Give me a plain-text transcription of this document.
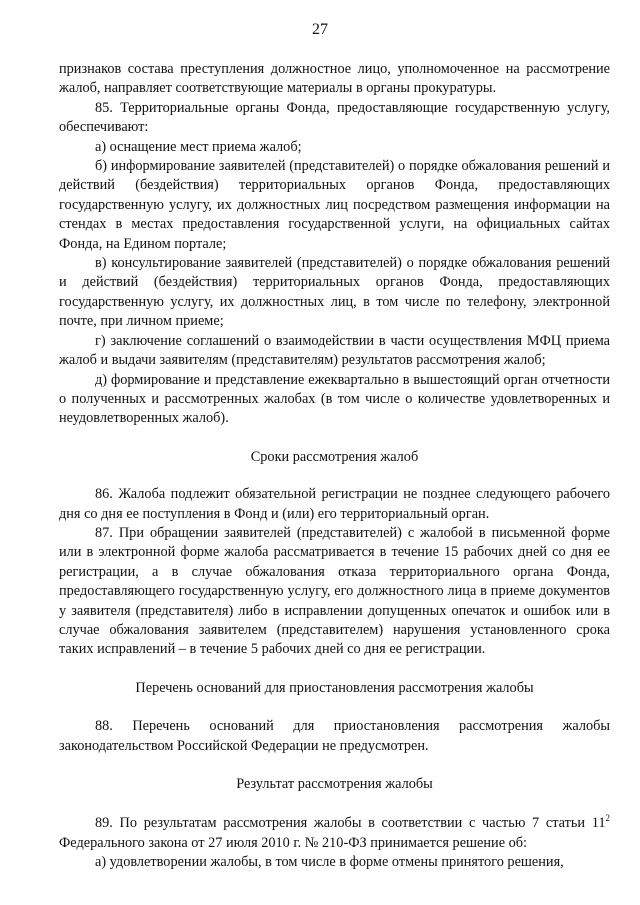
27

признаков состава преступления должностное лицо, уполномоченное на рассмотрение жалоб, направляет соответствующие материалы в органы прокуратуры.

85. Территориальные органы Фонда, предоставляющие государственную услугу, обеспечивают:

а) оснащение мест приема жалоб;

б) информирование заявителей (представителей) о порядке обжалования решений и действий (бездействия) территориальных органов Фонда, предоставляющих государственную услугу, их должностных лиц посредством размещения информации на стендах в местах предоставления государственной услуги, на официальных сайтах Фонда, на Едином портале;

в) консультирование заявителей (представителей) о порядке обжалования решений и действий (бездействия) территориальных органов Фонда, предоставляющих государственную услугу, их должностных лиц, в том числе по телефону, электронной почте, при личном приеме;

г) заключение соглашений о взаимодействии в части осуществления МФЦ приема жалоб и выдачи заявителям (представителям) результатов рассмотрения жалоб;

д) формирование и представление ежеквартально в вышестоящий орган отчетности о полученных и рассмотренных жалобах (в том числе о количестве удовлетворенных и неудовлетворенных жалоб).

Сроки рассмотрения жалоб

86. Жалоба подлежит обязательной регистрации не позднее следующего рабочего дня со дня ее поступления в Фонд и (или) его территориальный орган.

87. При обращении заявителей (представителей) с жалобой в письменной форме или в электронной форме жалоба рассматривается в течение 15 рабочих дней со дня ее регистрации, а в случае обжалования отказа территориального органа Фонда, предоставляющего государственную услугу, его должностного лица в приеме документов у заявителя (представителя) либо в исправлении допущенных опечаток и ошибок или в случае обжалования заявителем (представителем) нарушения установленного срока таких исправлений – в течение 5 рабочих дней со дня ее регистрации.

Перечень оснований для приостановления рассмотрения жалобы

88. Перечень оснований для приостановления рассмотрения жалобы законодательством Российской Федерации не предусмотрен.

Результат рассмотрения жалобы

89. По результатам рассмотрения жалобы в соответствии с частью 7 статьи $11^2$ Федерального закона от 27 июля 2010 г. № 210-ФЗ принимается решение об:

а) удовлетворении жалобы, в том числе в форме отмены принятого решения,
